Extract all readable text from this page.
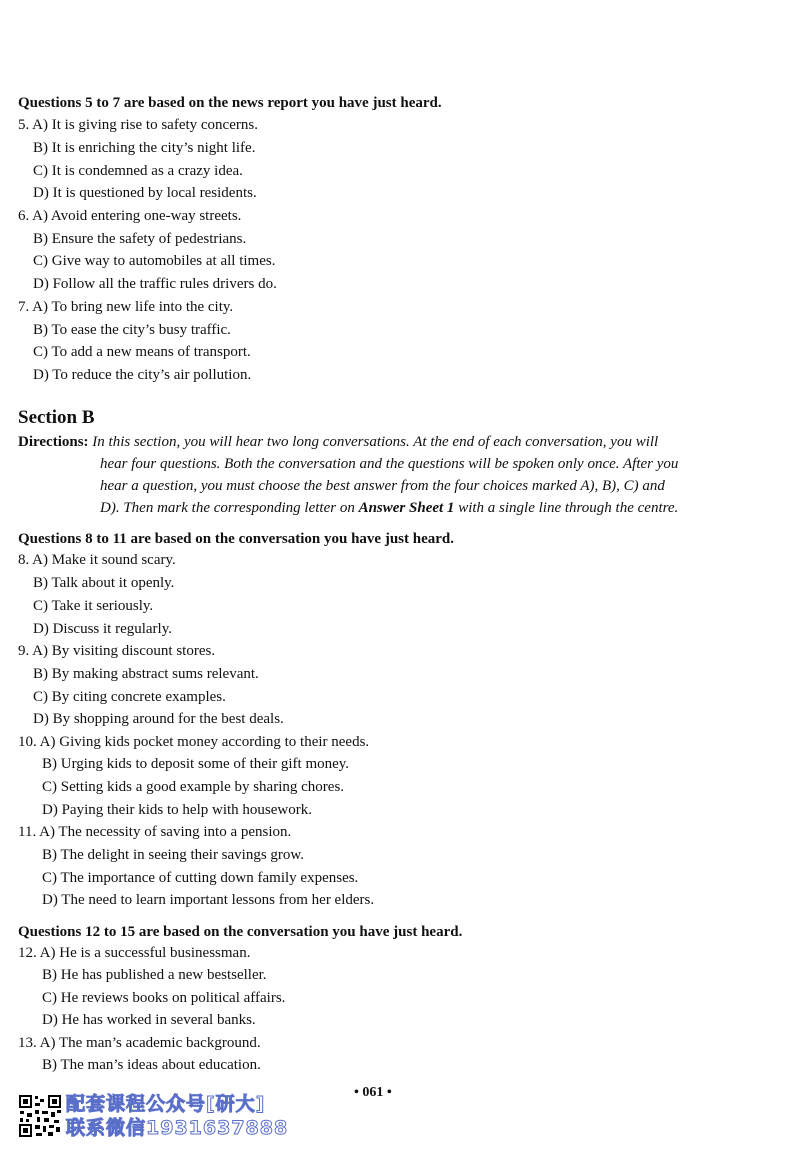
Questions 5 to 7 are based on the news report you have just heard.
5. A) It is giving rise to safety concerns.
B) It is enriching the city’s night life.
C) It is condemned as a crazy idea.
D) It is questioned by local residents.
6. A) Avoid entering one-way streets.
B) Ensure the safety of pedestrians.
C) Give way to automobiles at all times.
D) Follow all the traffic rules drivers do.
7. A) To bring new life into the city.
B) To ease the city’s busy traffic.
C) To add a new means of transport.
D) To reduce the city’s air pollution.
Section B
Directions: In this section, you will hear two long conversations. At the end of each conversation, you will
hear four questions. Both the conversation and the questions will be spoken only once. After you
hear a question, you must choose the best answer from the four choices marked A), B), C) and
D). Then mark the corresponding letter on Answer Sheet 1 with a single line through the centre.
Questions 8 to 11 are based on the conversation you have just heard.
8. A) Make it sound scary.
B) Talk about it openly.
C) Take it seriously.
D) Discuss it regularly.
9. A) By visiting discount stores.
B) By making abstract sums relevant.
C) By citing concrete examples.
D) By shopping around for the best deals.
10. A) Giving kids pocket money according to their needs.
B) Urging kids to deposit some of their gift money.
C) Setting kids a good example by sharing chores.
D) Paying their kids to help with housework.
11. A) The necessity of saving into a pension.
B) The delight in seeing their savings grow.
C) The importance of cutting down family expenses.
D) The need to learn important lessons from her elders.
Questions 12 to 15 are based on the conversation you have just heard.
12. A) He is a successful businessman.
B) He has published a new bestseller.
C) He reviews books on political affairs.
D) He has worked in several banks.
13. A) The man’s academic background.
B) The man’s ideas about education.
• 061 •
配套课程公众号[研大]
联系微信1931637888
